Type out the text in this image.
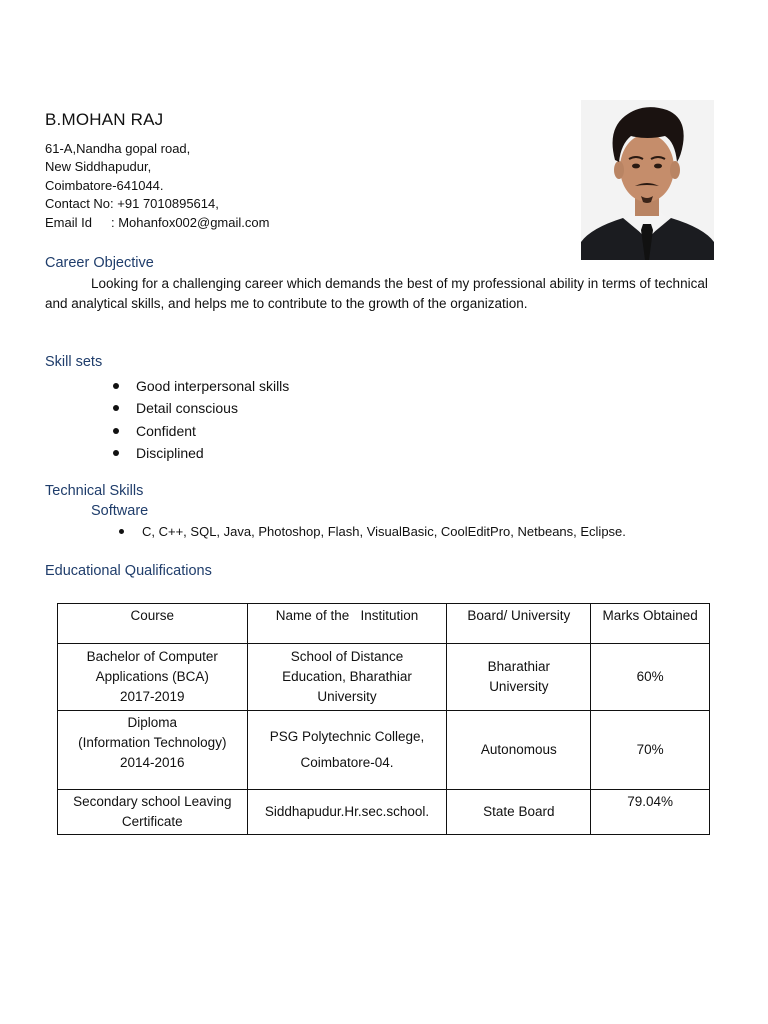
B.MOHAN RAJ
61-A,Nandha gopal road,
New Siddhapudur,
Coimbatore-641044.
Contact No: +91 7010895614,
Email Id : Mohanfox002@gmail.com
Career Objective

Looking for a challenging career which demands the best of my professional ability in terms of technical and analytical skills, and helps me to contribute to the growth of the organization.

Skill sets
Good interpersonal skills
Detail conscious
Confident
Disciplined
Technical Skills
Software
C, C++, SQL, Java, Photoshop, Flash, VisualBasic, CoolEditPro, Netbeans, Eclipse.
Educational Qualifications
Course	Name of the   Institution	Board/ University	Marks Obtained

Bachelor of Computer
Applications (BCA)
2017-2019	School of Distance
Education, Bharathiar
University	Bharathiar
University	60%

Diploma
(Information Technology)
2014-2016	PSG Polytechnic College,
Coimbatore-04.	Autonomous	70%

Secondary school Leaving
Certificate	Siddhapudur.Hr.sec.school.	State Board	79.04%
